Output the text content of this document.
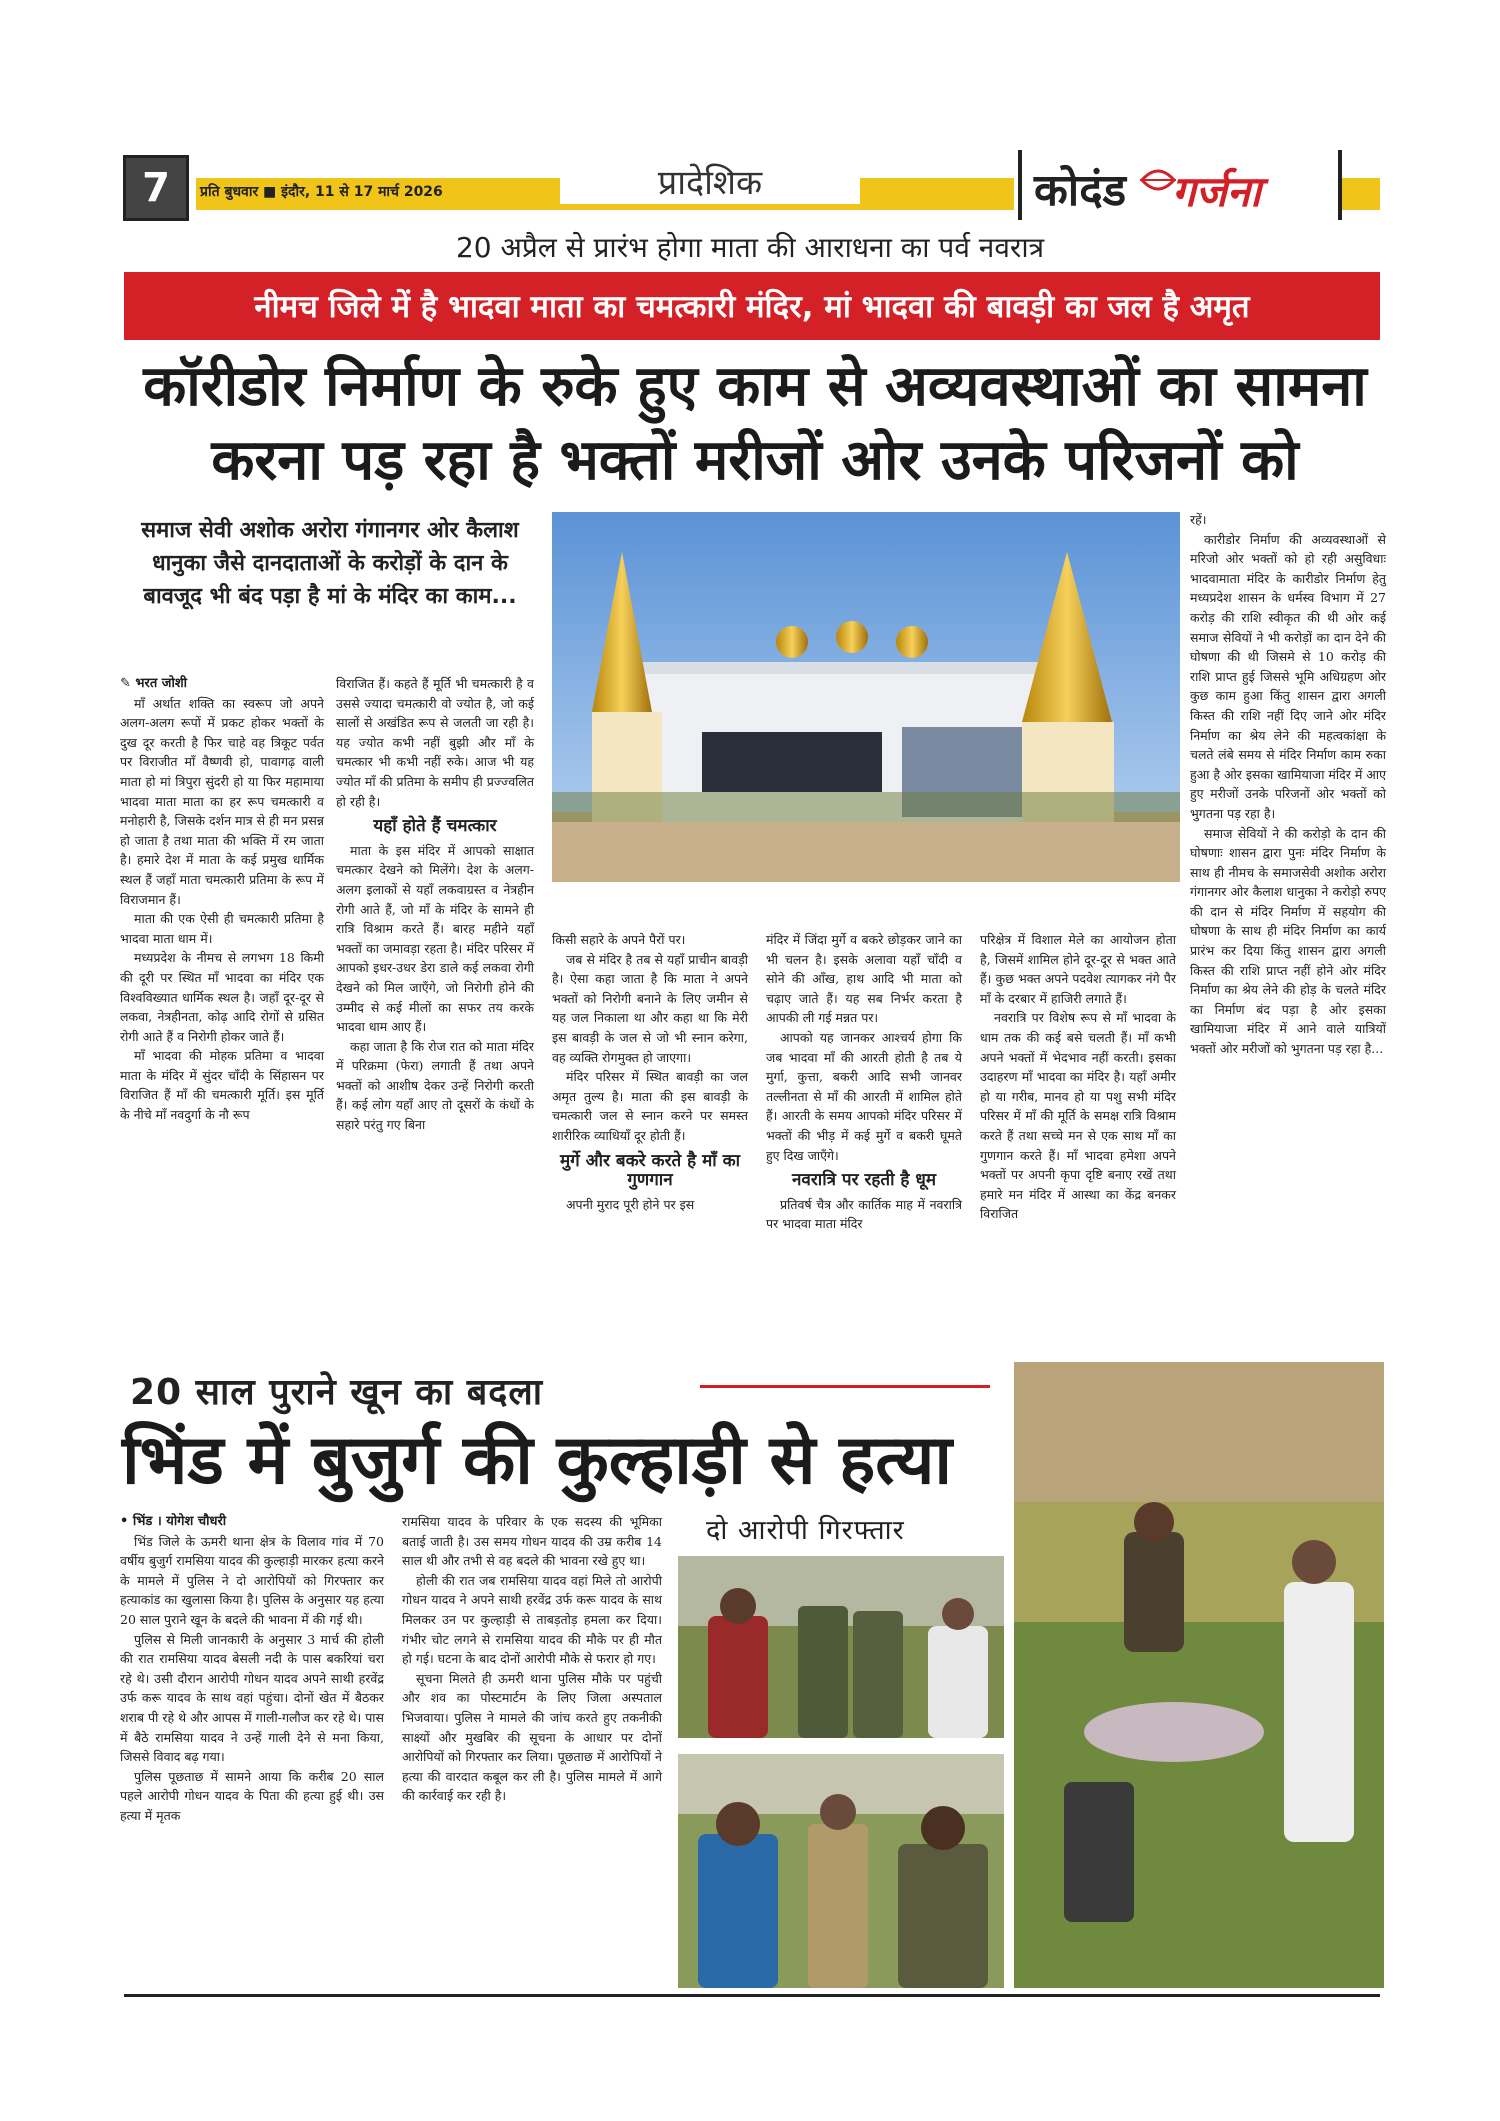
7	प्रति बुधवार ■ इंदौर, 11 से 17 मार्च 2026	प्रादेशिक	कोदंड गर्जना
20 अप्रैल से प्रारंभ होगा माता की आराधना का पर्व नवरात्र
नीमच जिले में है भादवा माता का चमत्कारी मंदिर, मां भादवा की बावड़ी का जल है अमृत
कॉरीडोर निर्माण के रुके हुए काम से अव्यवस्थाओं का सामना
करना पड़ रहा है भक्तों मरीजों ओर उनके परिजनों को
समाज सेवी अशोक अरोरा गंगानगर ओर कैलाश धानुका जैसे दानदाताओं के करोड़ों के दान के बावजूद भी बंद पड़ा है मां के मंदिर का काम...

✎ भरत जोशी

माँ अर्थात शक्ति का स्वरूप जो अपने अलग-अलग रूपों में प्रकट होकर भक्तों के दुख दूर करती है फिर चाहे वह त्रिकूट पर्वत पर विराजीत माँ वैष्णवी हो, पावागढ़ वाली माता हो मां त्रिपुरा सुंदरी हो या फिर महामाया भादवा माता माता का हर रूप चमत्कारी व मनोहारी है, जिसके दर्शन मात्र से ही मन प्रसन्न हो जाता है तथा माता की भक्ति में रम जाता है। हमारे देश में माता के कई प्रमुख धार्मिक स्थल हैं जहाँ माता चमत्कारी प्रतिमा के रूप में विराजमान हैं।

माता की एक ऐसी ही चमत्कारी प्रतिमा है भादवा माता धाम में।

मध्यप्रदेश के नीमच से लगभग 18 किमी की दूरी पर स्थित माँ भादवा का मंदिर एक विश्वविख्यात धार्मिक स्थल है। जहाँ दूर-दूर से लकवा, नेत्रहीनता, कोढ़ आदि रोगों से ग्रसित रोगी आते हैं व निरोगी होकर जाते हैं।

माँ भादवा की मोहक प्रतिमा व भादवा माता के मंदिर में सुंदर चाँदी के सिंहासन पर विराजित हैं माँ की चमत्कारी मूर्ति। इस मूर्ति के नीचे माँ नवदुर्गा के नौ रूप

विराजित हैं। कहते हैं मूर्ति भी चमत्कारी है व उससे ज्यादा चमत्कारी वो ज्योत है, जो कई सालों से अखंडित रूप से जलती जा रही है। यह ज्योत कभी नहीं बुझी और माँ के चमत्कार भी कभी नहीं रुके। आज भी यह ज्योत माँ की प्रतिमा के समीप ही प्रज्ज्वलित हो रही है।

यहाँ होते हैं चमत्कार

माता के इस मंदिर में आपको साक्षात चमत्कार देखने को मिलेंगे। देश के अलग-अलग इलाकों से यहाँ लकवाग्रस्त व नेत्रहीन रोगी आते हैं, जो माँ के मंदिर के सामने ही रात्रि विश्राम करते हैं। बारह महीने यहाँ भक्तों का जमावड़ा रहता है। मंदिर परिसर में आपको इधर-उधर डेरा डाले कई लकवा रोगी देखने को मिल जाएँगे, जो निरोगी होने की उम्मीद से कई मीलों का सफर तय करके भादवा धाम आए हैं।

कहा जाता है कि रोज रात को माता मंदिर में परिक्रमा (फेरा) लगाती हैं तथा अपने भक्तों को आशीष देकर उन्हें निरोगी करती हैं। कई लोग यहाँ आए तो दूसरों के कंधों के सहारे परंतु गए बिना

किसी सहारे के अपने पैरों पर।

जब से मंदिर है तब से यहाँ प्राचीन बावड़ी है। ऐसा कहा जाता है कि माता ने अपने भक्तों को निरोगी बनाने के लिए जमीन से यह जल निकाला था और कहा था कि मेरी इस बावड़ी के जल से जो भी स्नान करेगा, वह व्यक्ति रोगमुक्त हो जाएगा।

मंदिर परिसर में स्थित बावड़ी का जल अमृत तुल्य है। माता की इस बावड़ी के चमत्कारी जल से स्नान करने पर समस्त शारीरिक व्याधियाँ दूर होती हैं।

मुर्गे और बकरे करते है माँ का गुणगान

अपनी मुराद पूरी होने पर इस

मंदिर में जिंदा मुर्गे व बकरे छोड़कर जाने का भी चलन है। इसके अलावा यहाँ चाँदी व सोने की आँख, हाथ आदि भी माता को चढ़ाए जाते हैं। यह सब निर्भर करता है आपकी ली गई मन्नत पर।

आपको यह जानकर आश्चर्य होगा कि जब भादवा माँ की आरती होती है तब ये मुर्गा, कुत्ता, बकरी आदि सभी जानवर तल्लीनता से माँ की आरती में शामिल होते हैं। आरती के समय आपको मंदिर परिसर में भक्तों की भीड़ में कई मुर्गे व बकरी घूमते हुए दिख जाएँगे।

नवरात्रि पर रहती है धूम

प्रतिवर्ष चैत्र और कार्तिक माह में नवरात्रि पर भादवा माता मंदिर

परिक्षेत्र में विशाल मेले का आयोजन होता है, जिसमें शामिल होने दूर-दूर से भक्त आते हैं। कुछ भक्त अपने पदवेश त्यागकर नंगे पैर माँ के दरबार में हाजिरी लगाते हैं।

नवरात्रि पर विशेष रूप से माँ भादवा के धाम तक की कई बसे चलती हैं। माँ कभी अपने भक्तों में भेदभाव नहीं करती। इसका उदाहरण माँ भादवा का मंदिर है। यहाँ अमीर हो या गरीब, मानव हो या पशु सभी मंदिर परिसर में माँ की मूर्ति के समक्ष रात्रि विश्राम करते हैं तथा सच्चे मन से एक साथ माँ का गुणगान करते हैं। माँ भादवा हमेशा अपने भक्तों पर अपनी कृपा दृष्टि बनाए रखें तथा हमारे मन मंदिर में आस्था का केंद्र बनकर विराजित

रहें।

कारीडोर निर्माण की अव्यवस्थाओं से मरिजो ओर भक्तों को हो रही असुविधाः भादवामाता मंदिर के कारीडोर निर्माण हेतु मध्यप्रदेश शासन के धर्मस्व विभाग में 27 करोड़ की राशि स्वीकृत की थी ओर कई समाज सेवियों ने भी करोड़ों का दान देने की घोषणा की थी जिसमे से 10 करोड़ की राशि प्राप्त हुई जिससे भूमि अधिग्रहण ओर कुछ काम हुआ किंतु शासन द्वारा अगली किस्त की राशि नहीं दिए जाने ओर मंदिर निर्माण का श्रेय लेने की महत्वकांक्षा के चलते लंबे समय से मंदिर निर्माण काम रुका हुआ है ओर इसका खामियाजा मंदिर में आए हुए मरीजों उनके परिजनों ओर भक्तों को भुगतना पड़ रहा है।

समाज सेवियों ने की करोड़ो के दान की घोषणाः शासन द्वारा पुनः मंदिर निर्माण के साथ ही नीमच के समाजसेवी अशोक अरोरा गंगानगर ओर कैलाश धानुका ने करोड़ो रुपए की दान से मंदिर निर्माण में सहयोग की घोषणा के साथ ही मंदिर निर्माण का कार्य प्रारंभ कर दिया किंतु शासन द्वारा अगली किस्त की राशि प्राप्त नहीं होने ओर मंदिर निर्माण का श्रेय लेने की होड़ के चलते मंदिर का निर्माण बंद पड़ा है ओर इसका खामियाजा मंदिर में आने वाले यात्रियों भक्तों ओर मरीजों को भुगतना पड़ रहा है...

20 साल पुराने खून का बदला
भिंड में बुजुर्ग की कुल्हाड़ी से हत्या
दो आरोपी गिरफ्तार

• भिंड । योगेश चौधरी

भिंड जिले के ऊमरी थाना क्षेत्र के विलाव गांव में 70 वर्षीय बुजुर्ग रामसिया यादव की कुल्हाड़ी मारकर हत्या करने के मामले में पुलिस ने दो आरोपियों को गिरफ्तार कर हत्याकांड का खुलासा किया है। पुलिस के अनुसार यह हत्या 20 साल पुराने खून के बदले की भावना में की गई थी।

पुलिस से मिली जानकारी के अनुसार 3 मार्च की होली की रात रामसिया यादव बेसली नदी के पास बकरियां चरा रहे थे। उसी दौरान आरोपी गोधन यादव अपने साथी हरवेंद्र उर्फ करू यादव के साथ वहां पहुंचा। दोनों खेत में बैठकर शराब पी रहे थे और आपस में गाली-गलौज कर रहे थे। पास में बैठे रामसिया यादव ने उन्हें गाली देने से मना किया, जिससे विवाद बढ़ गया।

पुलिस पूछताछ में सामने आया कि करीब 20 साल पहले आरोपी गोधन यादव के पिता की हत्या हुई थी। उस हत्या में मृतक

रामसिया यादव के परिवार के एक सदस्य की भूमिका बताई जाती है। उस समय गोधन यादव की उम्र करीब 14 साल थी और तभी से वह बदले की भावना रखे हुए था।

होली की रात जब रामसिया यादव वहां मिले तो आरोपी गोधन यादव ने अपने साथी हरवेंद्र उर्फ करू यादव के साथ मिलकर उन पर कुल्हाड़ी से ताबड़तोड़ हमला कर दिया। गंभीर चोट लगने से रामसिया यादव की मौके पर ही मौत हो गई। घटना के बाद दोनों आरोपी मौके से फरार हो गए।

सूचना मिलते ही ऊमरी थाना पुलिस मौके पर पहुंची और शव का पोस्टमार्टम के लिए जिला अस्पताल भिजवाया। पुलिस ने मामले की जांच करते हुए तकनीकी साक्ष्यों और मुखबिर की सूचना के आधार पर दोनों आरोपियों को गिरफ्तार कर लिया। पूछताछ में आरोपियों ने हत्या की वारदात कबूल कर ली है। पुलिस मामले में आगे की कार्रवाई कर रही है।
